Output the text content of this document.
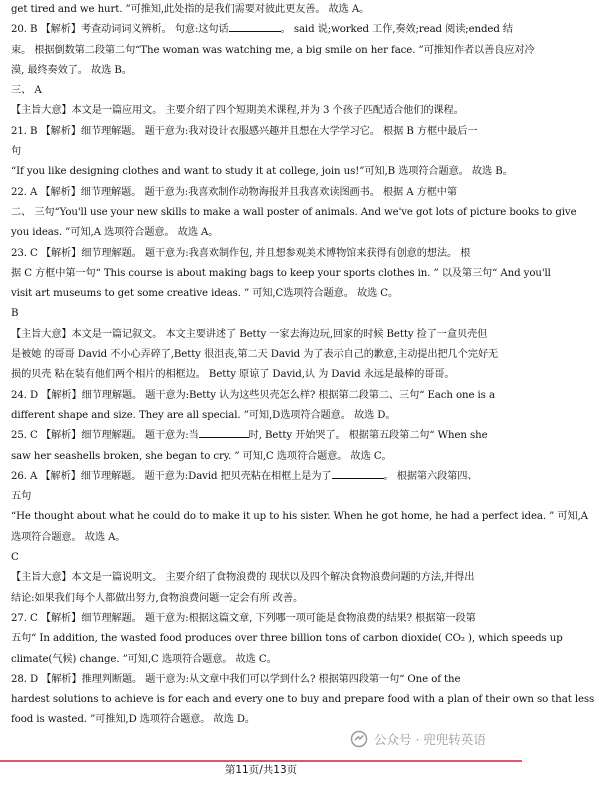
get tired and we hurt. ”可推知,此处指的是我们需要对彼此更友善。 故选 A。
20. B 【解析】考查动词词义辨析。 句意:这句话	。 said 说;worked 工作,奏效;read 阅读;ended 结
束。 根据倒数第二段第二句“The woman was watching me, a big smile on her face. ”可推知作者以善良应对冷
漠, 最终奏效了。 故选 B。
三、 A
【主旨大意】本文是一篇应用文。 主要介绍了四个短期美术课程,并为 3 个孩子匹配适合他们的课程。
21. B 【解析】细节理解题。 题干意为:我对设计衣服感兴趣并且想在大学学习它。 根据 B 方框中最后一
句
“If you like designing clothes and want to study it at college, join us!”可知,B 选项符合题意。 故选 B。
22. A 【解析】细节理解题。 题干意为:我喜欢制作动物海报并且我喜欢读图画书。 根据 A 方框中第
二、 三句“You'll use your new skills to make a wall poster of animals. And we've got lots of picture books to give
you ideas. ”可知,A 选项符合题意。 故选 A。
23. C 【解析】细节理解题。 题干意为:我喜欢制作包, 并且想参观美术博物馆来获得有创意的想法。 根
据 C 方框中第一句“ This course is about making bags to keep your sports clothes in. ” 以及第三句“ And you'll
visit art museums to get some creative ideas. ” 可知,C选项符合题意。 故选 C。
B
【主旨大意】本文是一篇记叙文。 本文主要讲述了 Betty 一家去海边玩,回家的时候 Betty 捡了一盒贝壳但
是被她 的哥哥 David 不小心弄碎了,Betty 很沮丧,第二天 David 为了表示自己的歉意,主动提出把几个完好无
损的贝壳 粘在装有他们两个相片的相框边。 Betty 原谅了 David,认 为 David 永远是最棒的哥哥。
24. D 【解析】细节理解题。 题干意为:Betty 认为这些贝壳怎么样? 根据第二段第二、三句“ Each one is a
different shape and size. They are all special. ”可知,D选项符合题意。 故选 D。
25. C 【解析】细节理解题。 题干意为:当	时, Betty 开始哭了。 根据第五段第二句“ When she
saw her seashells broken, she began to cry. ” 可知,C 选项符合题意。 故选 C。
26. A 【解析】细节理解题。 题干意为:David 把贝壳粘在相框上是为了	。 根据第六段第四、
五句
“He thought about what he could do to make it up to his sister. When he got home, he had a perfect idea. ” 可知,A
选项符合题意。 故选 A。
C
【主旨大意】本文是一篇说明文。 主要介绍了食物浪费的 现状以及四个解决食物浪费问题的方法,并得出
结论:如果我们每个人都做出努力,食物浪费问题一定会有所 改善。
27. C 【解析】细节理解题。 题干意为:根据这篇文章, 下列哪一项可能是食物浪费的结果? 根据第一段第
五句“ In addition, the wasted food produces over three billion tons of carbon dioxide( CO₂ ), which speeds up
climate(气候) change. ”可知,C 选项符合题意。 故选 C。
28. D 【解析】推理判断题。 题干意为:从文章中我们可以学到什么? 根据第四段第一句“ One of the
hardest solutions to achieve is for each and every one to buy and prepare food with a plan of their own so that less
food is wasted. ”可推知,D 选项符合题意。 故选 D。
公众号 · 兜兜转英语
第11页/共13页
